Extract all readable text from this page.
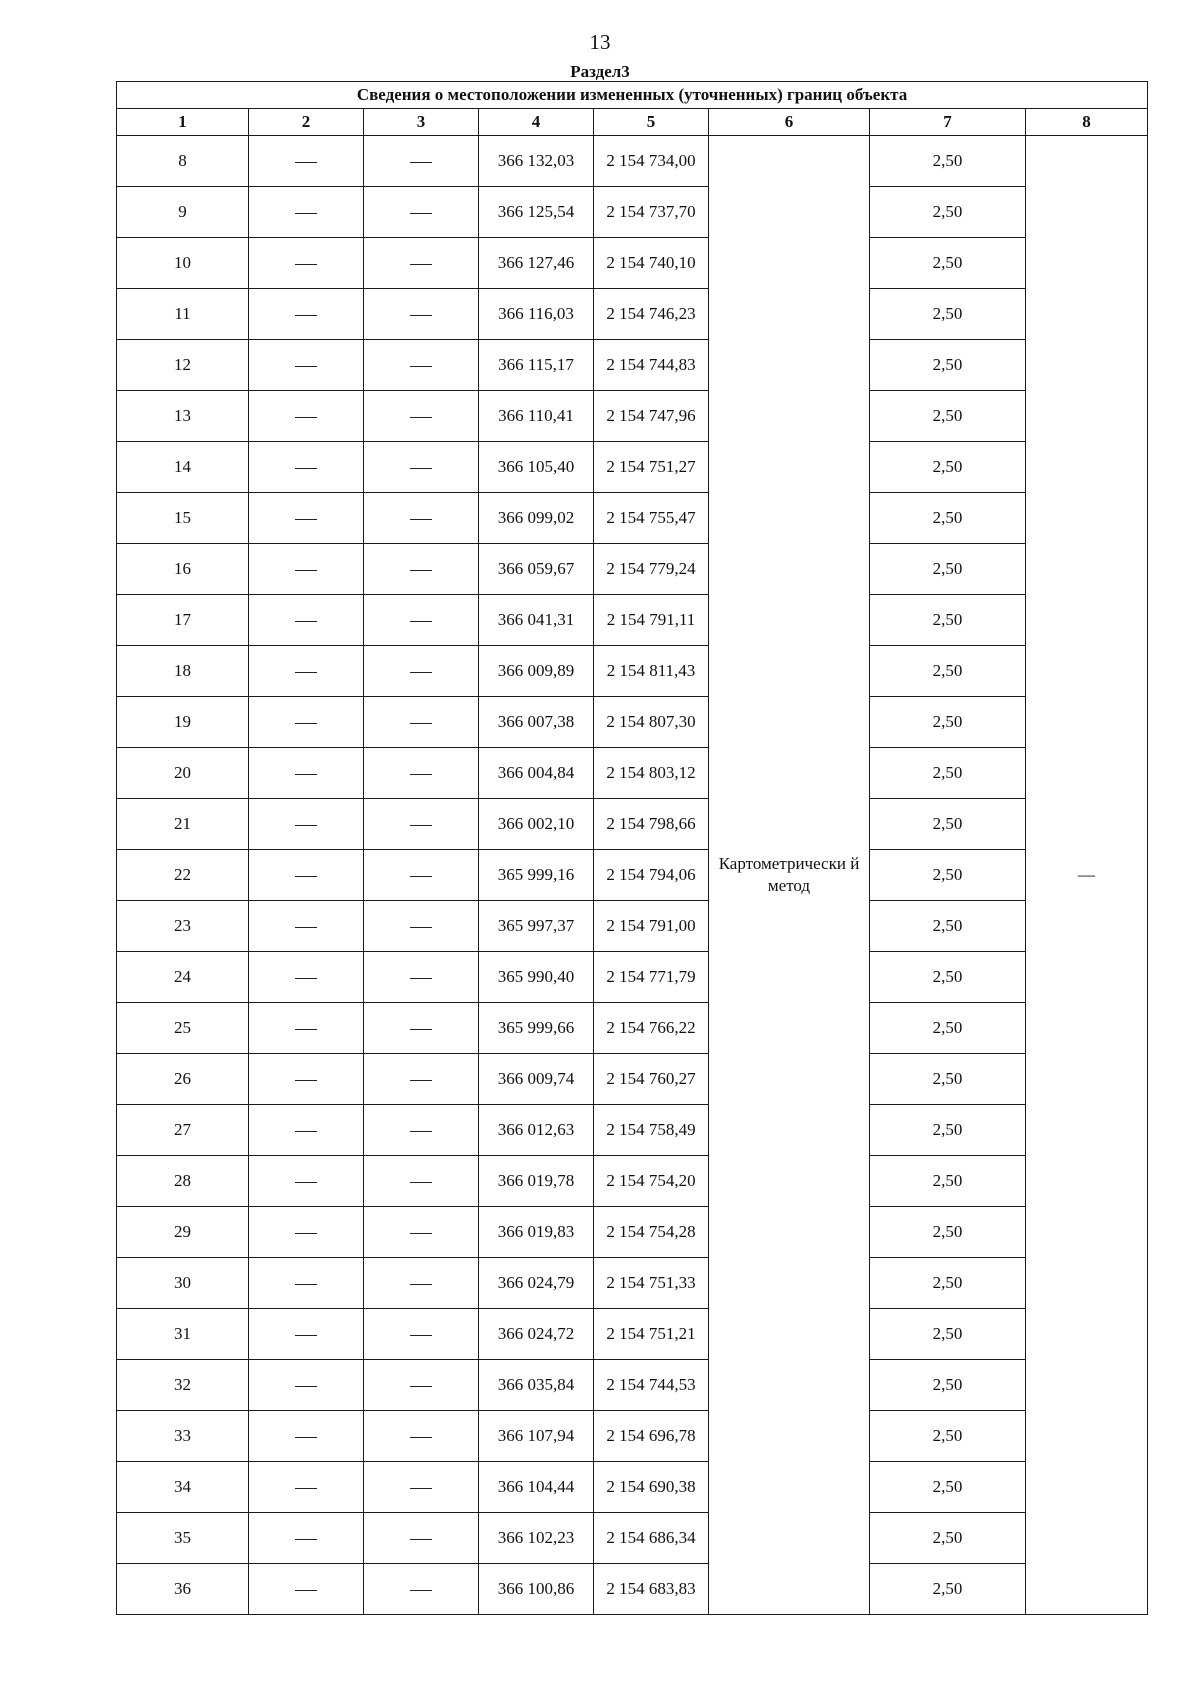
13
Раздел3
Сведения о местоположении измененных (уточненных) границ объекта							
1	2	3	4	5	6	7	8
8			366 132,03	2 154 734,00	Картометрически й метод	2,50	—
9			366 125,54	2 154 737,70		2,50	
10			366 127,46	2 154 740,10		2,50	
11			366 116,03	2 154 746,23		2,50	
12			366 115,17	2 154 744,83		2,50	
13			366 110,41	2 154 747,96		2,50	
14			366 105,40	2 154 751,27		2,50	
15			366 099,02	2 154 755,47		2,50	
16			366 059,67	2 154 779,24		2,50	
17			366 041,31	2 154 791,11		2,50	
18			366 009,89	2 154 811,43		2,50	
19			366 007,38	2 154 807,30		2,50	
20			366 004,84	2 154 803,12		2,50	
21			366 002,10	2 154 798,66		2,50	
22			365 999,16	2 154 794,06		2,50	
23			365 997,37	2 154 791,00		2,50	
24			365 990,40	2 154 771,79		2,50	
25			365 999,66	2 154 766,22		2,50	
26			366 009,74	2 154 760,27		2,50	
27			366 012,63	2 154 758,49		2,50	
28			366 019,78	2 154 754,20		2,50	
29			366 019,83	2 154 754,28		2,50	
30			366 024,79	2 154 751,33		2,50	
31			366 024,72	2 154 751,21		2,50	
32			366 035,84	2 154 744,53		2,50	
33			366 107,94	2 154 696,78		2,50	
34			366 104,44	2 154 690,38		2,50	
35			366 102,23	2 154 686,34		2,50	
36			366 100,86	2 154 683,83		2,50	
